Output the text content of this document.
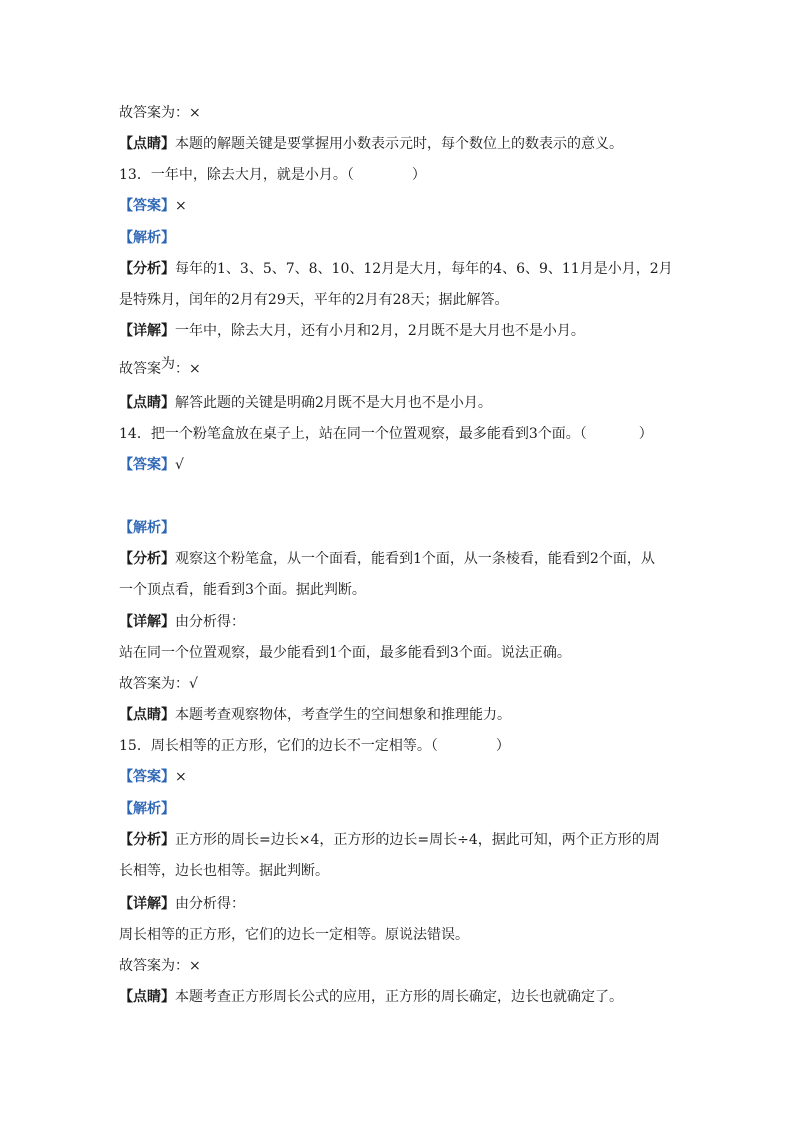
故答案为：×
【点睛】本题的解题关键是要掌握用小数表示元时，每个数位上的数表示的意义。
13．一年中，除去大月，就是小月。（	）
【答案】×
【解析】
【分析】每年的1、3、5、7、8、10、12月是大月，每年的4、6、9、11月是小月，2月
是特殊月，闰年的2月有29天，平年的2月有28天；据此解答。
【详解】一年中，除去大月，还有小月和2月，2月既不是大月也不是小月。
故答案为：×
【点睛】解答此题的关键是明确2月既不是大月也不是小月。
14．把一个粉笔盒放在桌子上，站在同一个位置观察，最多能看到3个面。（	）
【答案】√
【解析】
【分析】观察这个粉笔盒，从一个面看，能看到1个面，从一条棱看，能看到2个面，从
一个顶点看，能看到3个面。据此判断。
【详解】由分析得：
站在同一个位置观察，最少能看到1个面，最多能看到3个面。说法正确。
故答案为：√
【点睛】本题考查观察物体，考查学生的空间想象和推理能力。
15．周长相等的正方形，它们的边长不一定相等。（	）
【答案】×
【解析】
【分析】正方形的周长=边长×4，正方形的边长=周长÷4，据此可知，两个正方形的周
长相等，边长也相等。据此判断。
【详解】由分析得：
周长相等的正方形，它们的边长一定相等。原说法错误。
故答案为：×
【点睛】本题考查正方形周长公式的应用，正方形的周长确定，边长也就确定了。
